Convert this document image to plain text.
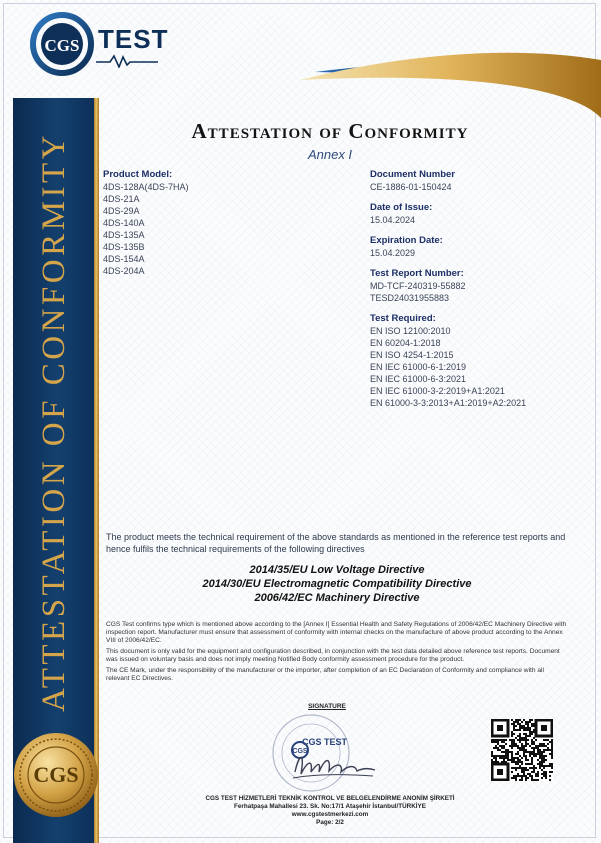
ATTESTATION OF CONFORMITY
CGS TEST
Attestation of Conformity
Annex I
Product Model:
4DS-128A(4DS-7HA)
4DS-21A
4DS-29A
4DS-140A
4DS-135A
4DS-135B
4DS-154A
4DS-204A
Document Number
CE-1886-01-150424
Date of Issue:
15.04.2024
Expiration Date:
15.04.2029
Test Report Number:
MD-TCF-240319-55882
TESD24031955883
Test Required:
EN ISO 12100:2010
EN 60204-1:2018
EN ISO 4254-1:2015
EN IEC 61000-6-1:2019
EN IEC 61000-6-3:2021
EN IEC 61000-3-2:2019+A1:2021
EN 61000-3-3:2013+A1:2019+A2:2021
The product meets the technical requirement of the above standards as mentioned in the reference test reports and hence fulfils the technical requirements of the following directives
2014/35/EU Low Voltage Directive
2014/30/EU Electromagnetic Compatibility Directive
2006/42/EC Machinery Directive

CGS Test confirms type which is mentioned above according to the [Annex I] Essential Health and Safety Regulations of 2006/42/EC Machinery Directive with inspection report. Manufacturer must ensure that assessment of conformity with internal checks on the manufacture of above product according to the Annex VIII of 2006/42/EC.

This document is only valid for the equipment and configuration described, in conjunction with the test data detailed above reference test reports. Document was issued on voluntary basis and does not imply meeting Notified Body conformity assessment procedure for the product.

The CE Mark, under the responsibility of the manufacturer or the importer, after completion of an EC Declaration of Conformity and compliance with all relevant EC Directives.

SIGNATURE
CGS
CGS TEST
CGS TEST HİZMETLERİ TEKNİK KONTROL VE BELGELENDİRME ANONİM ŞİRKETİ
Ferhatpaşa Mahallesi 23. Sk. No:17/1 Ataşehir İstanbul/TÜRKİYE
www.cgstestmerkezi.com
Page: 2/2
CGS
